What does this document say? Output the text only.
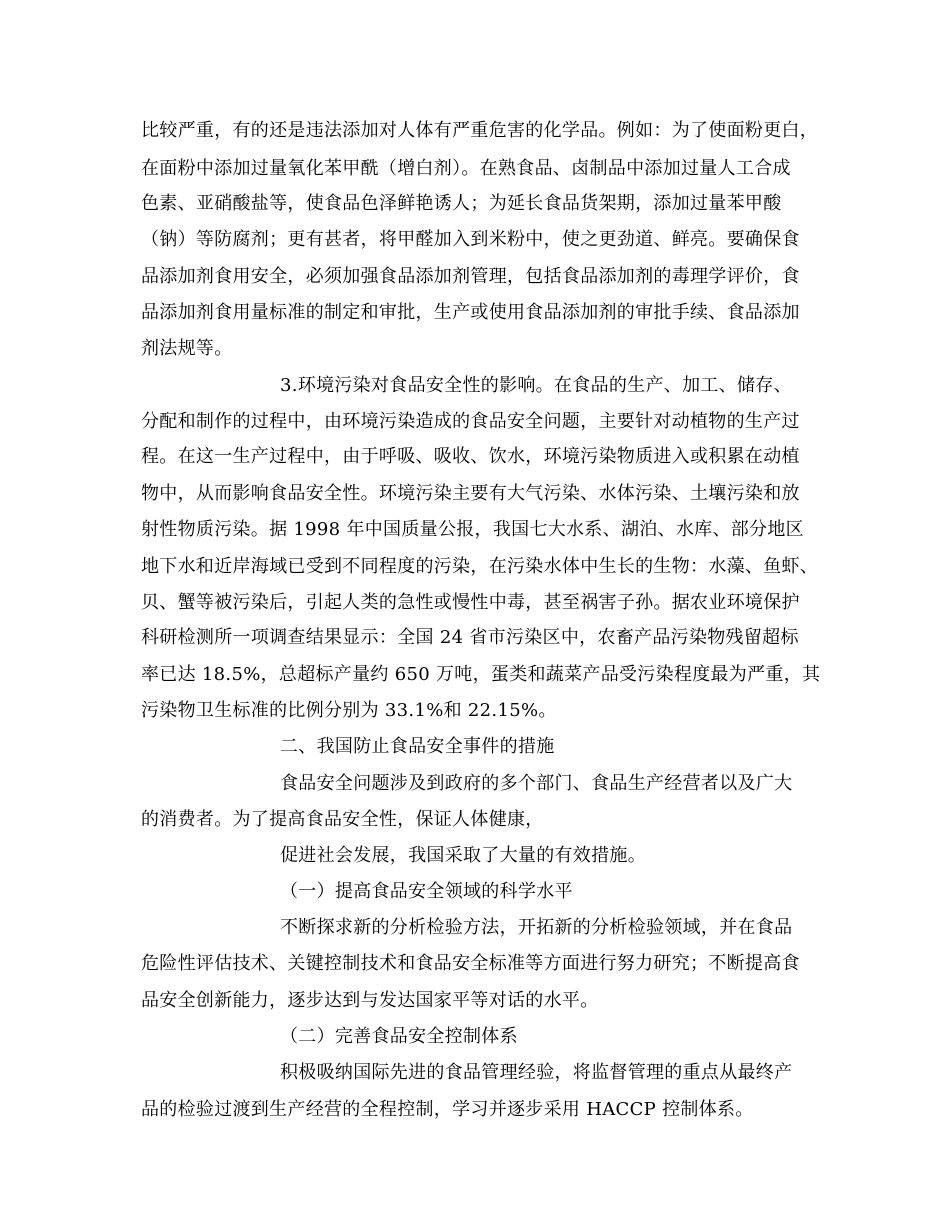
比较严重，有的还是违法添加对人体有严重危害的化学品。例如：为了使面粉更白，
在面粉中添加过量氧化苯甲酰（增白剂）。在熟食品、卤制品中添加过量人工合成
色素、亚硝酸盐等，使食品色泽鲜艳诱人；为延长食品货架期，添加过量苯甲酸
（钠）等防腐剂；更有甚者，将甲醛加入到米粉中，使之更劲道、鲜亮。要确保食
品添加剂食用安全，必须加强食品添加剂管理，包括食品添加剂的毒理学评价，食
品添加剂食用量标准的制定和审批，生产或使用食品添加剂的审批手续、食品添加
剂法规等。
3.环境污染对食品安全性的影响。在食品的生产、加工、储存、
分配和制作的过程中，由环境污染造成的食品安全问题，主要针对动植物的生产过
程。在这一生产过程中，由于呼吸、吸收、饮水，环境污染物质进入或积累在动植
物中，从而影响食品安全性。环境污染主要有大气污染、水体污染、土壤污染和放
射性物质污染。据 1998 年中国质量公报，我国七大水系、湖泊、水库、部分地区
地下水和近岸海域已受到不同程度的污染，在污染水体中生长的生物：水藻、鱼虾、
贝、蟹等被污染后，引起人类的急性或慢性中毒，甚至祸害子孙。据农业环境保护
科研检测所一项调查结果显示：全国 24 省市污染区中，农畜产品污染物残留超标
率已达 18.5%，总超标产量约 650 万吨，蛋类和蔬菜产品受污染程度最为严重，其
污染物卫生标准的比例分别为 33.1%和 22.15%。
二、我国防止食品安全事件的措施
食品安全问题涉及到政府的多个部门、食品生产经营者以及广大
的消费者。为了提高食品安全性，保证人体健康，
促进社会发展，我国采取了大量的有效措施。
（一）提高食品安全领域的科学水平
不断探求新的分析检验方法，开拓新的分析检验领域，并在食品
危险性评估技术、关键控制技术和食品安全标准等方面进行努力研究；不断提高食
品安全创新能力，逐步达到与发达国家平等对话的水平。
（二）完善食品安全控制体系
积极吸纳国际先进的食品管理经验，将监督管理的重点从最终产
品的检验过渡到生产经营的全程控制，学习并逐步采用 HACCP 控制体系。
